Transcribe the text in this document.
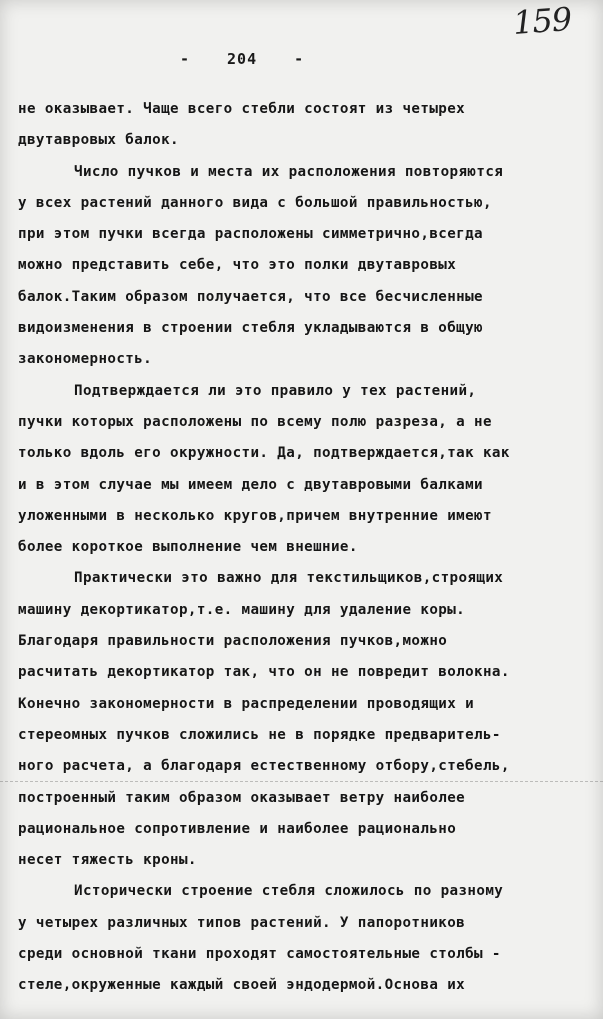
159
- 204 -
не оказывает. Чаще всего стебли состоят из четырех
двутавровых балок.
Число пучков и места их расположения повторяются
у всех растений данного вида с большой правильностью,
при этом пучки всегда расположены симметрично,всегда
можно представить себе, что это полки двутавровых
балок.Таким образом получается, что все бесчисленные
видоизменения в строении стебля укладываются в общую
закономерность.
Подтверждается ли это правило у тех растений,
пучки которых расположены по всему полю разреза, а не
только вдоль его окружности. Да, подтверждается,так как
и в этом случае мы имеем дело с двутавровыми балками
уложенными в несколько кругов,причем внутренние имеют
более короткое выполнение чем внешние.
Практически это важно для текстильщиков,строящих
машину декортикатор,т.е. машину для удаление коры.
Благодаря правильности расположения пучков,можно
расчитать декортикатор так, что он не повредит волокна.
Конечно закономерности в распределении проводящих и
стереомных пучков сложились не в порядке предваритель-
ного расчета, а благодаря естественному отбору,стебель,
построенный таким образом оказывает ветру наиболее
рациональное сопротивление и наиболее рационально
несет тяжесть кроны.
Исторически строение стебля сложилось по разному
у четырех различных типов растений. У папоротников
среди основной ткани проходят самостоятельные столбы -
стеле,окруженные каждый своей эндодермой.Основа их
